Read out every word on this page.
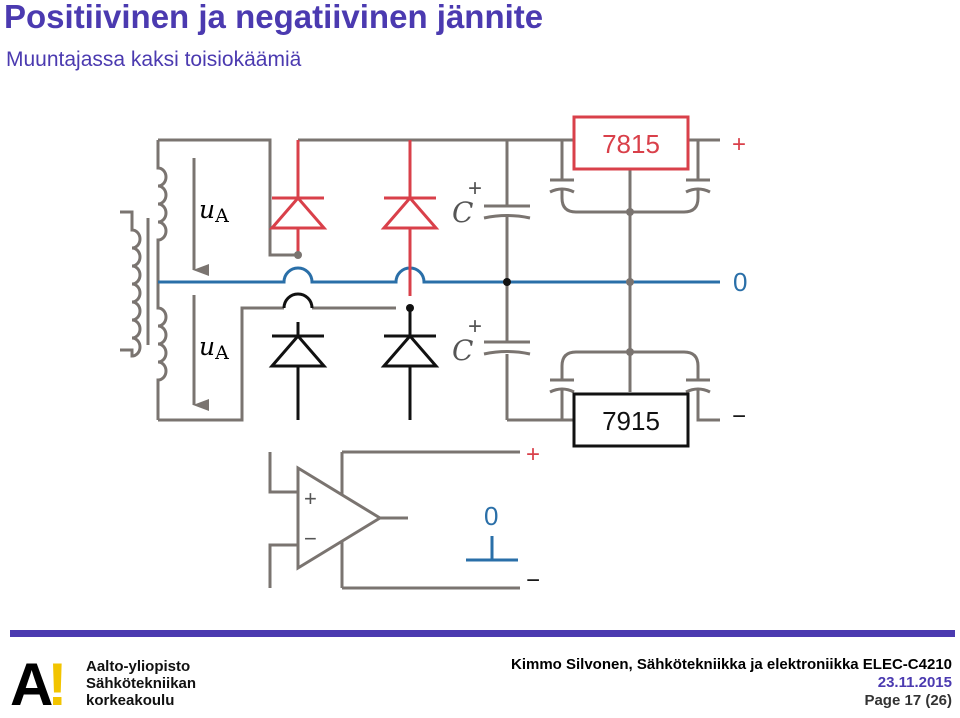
Positiivinen ja negatiivinen jännite
Muuntajassa kaksi toisiokäämiä
uA
uA
C
C
+
+
0
7815
7915
+
−
+
−
+
−
0
A! Aalto-yliopisto
Sähkötekniikan
korkeakoulu
Kimmo Silvonen, Sähkötekniikka ja elektroniikka ELEC-C4210
23.11.2015
Page 17 (26)
